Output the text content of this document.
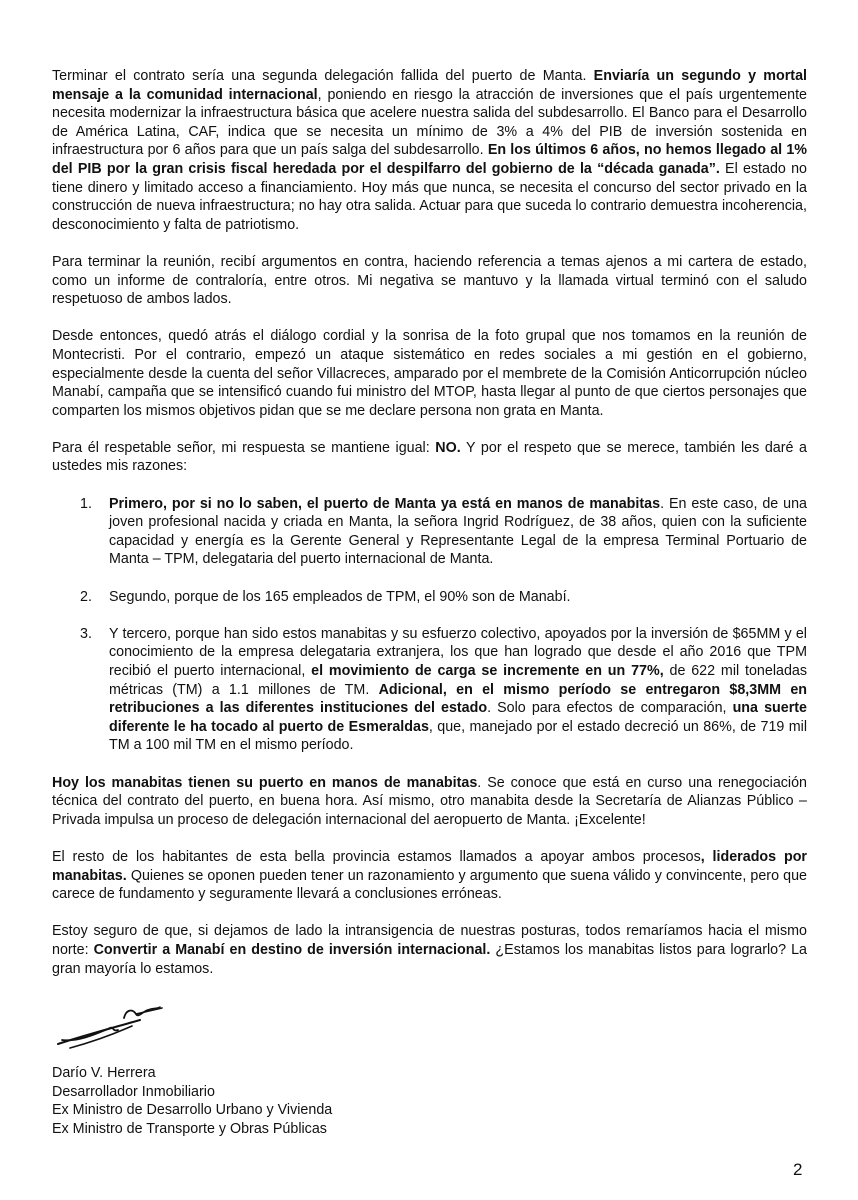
Terminar el contrato sería una segunda delegación fallida del puerto de Manta. Enviaría un segundo y mortal mensaje a la comunidad internacional, poniendo en riesgo la atracción de inversiones que el país urgentemente necesita modernizar la infraestructura básica que acelere nuestra salida del subdesarrollo. El Banco para el Desarrollo de América Latina, CAF, indica que se necesita un mínimo de 3% a 4% del PIB de inversión sostenida en infraestructura por 6 años para que un país salga del subdesarrollo. En los últimos 6 años, no hemos llegado al 1% del PIB por la gran crisis fiscal heredada por el despilfarro del gobierno de la “década ganada”. El estado no tiene dinero y limitado acceso a financiamiento. Hoy más que nunca, se necesita el concurso del sector privado en la construcción de nueva infraestructura; no hay otra salida. Actuar para que suceda lo contrario demuestra incoherencia, desconocimiento y falta de patriotismo.

Para terminar la reunión, recibí argumentos en contra, haciendo referencia a temas ajenos a mi cartera de estado, como un informe de contraloría, entre otros. Mi negativa se mantuvo y la llamada virtual terminó con el saludo respetuoso de ambos lados.

Desde entonces, quedó atrás el diálogo cordial y la sonrisa de la foto grupal que nos tomamos en la reunión de Montecristi. Por el contrario, empezó un ataque sistemático en redes sociales a mi gestión en el gobierno, especialmente desde la cuenta del señor Villacreces, amparado por el membrete de la Comisión Anticorrupción núcleo Manabí, campaña que se intensificó cuando fui ministro del MTOP, hasta llegar al punto de que ciertos personajes que comparten los mismos objetivos pidan que se me declare persona non grata en Manta.

Para él respetable señor, mi respuesta se mantiene igual: NO. Y por el respeto que se merece, también les daré a ustedes mis razones:

1. Primero, por si no lo saben, el puerto de Manta ya está en manos de manabitas. En este caso, de una joven profesional nacida y criada en Manta, la señora Ingrid Rodríguez, de 38 años, quien con la suficiente capacidad y energía es la Gerente General y Representante Legal de la empresa Terminal Portuario de Manta – TPM, delegataria del puerto internacional de Manta.
2. Segundo, porque de los 165 empleados de TPM, el 90% son de Manabí.
3. Y tercero, porque han sido estos manabitas y su esfuerzo colectivo, apoyados por la inversión de $65MM y el conocimiento de la empresa delegataria extranjera, los que han logrado que desde el año 2016 que TPM recibió el puerto internacional, el movimiento de carga se incremente en un 77%, de 622 mil toneladas métricas (TM) a 1.1 millones de TM. Adicional, en el mismo período se entregaron $8,3MM en retribuciones a las diferentes instituciones del estado. Solo para efectos de comparación, una suerte diferente le ha tocado al puerto de Esmeraldas, que, manejado por el estado decreció un 86%, de 719 mil TM a 100 mil TM en el mismo período.

Hoy los manabitas tienen su puerto en manos de manabitas. Se conoce que está en curso una renegociación técnica del contrato del puerto, en buena hora. Así mismo, otro manabita desde la Secretaría de Alianzas Público – Privada impulsa un proceso de delegación internacional del aeropuerto de Manta. ¡Excelente!

El resto de los habitantes de esta bella provincia estamos llamados a apoyar ambos procesos, liderados por manabitas. Quienes se oponen pueden tener un razonamiento y argumento que suena válido y convincente, pero que carece de fundamento y seguramente llevará a conclusiones erróneas.

Estoy seguro de que, si dejamos de lado la intransigencia de nuestras posturas, todos remaríamos hacia el mismo norte: Convertir a Manabí en destino de inversión internacional. ¿Estamos los manabitas listos para lograrlo? La gran mayoría lo estamos.

Darío V. Herrera
Desarrollador Inmobiliario
Ex Ministro de Desarrollo Urbano y Vivienda
Ex Ministro de Transporte y Obras Públicas
2
